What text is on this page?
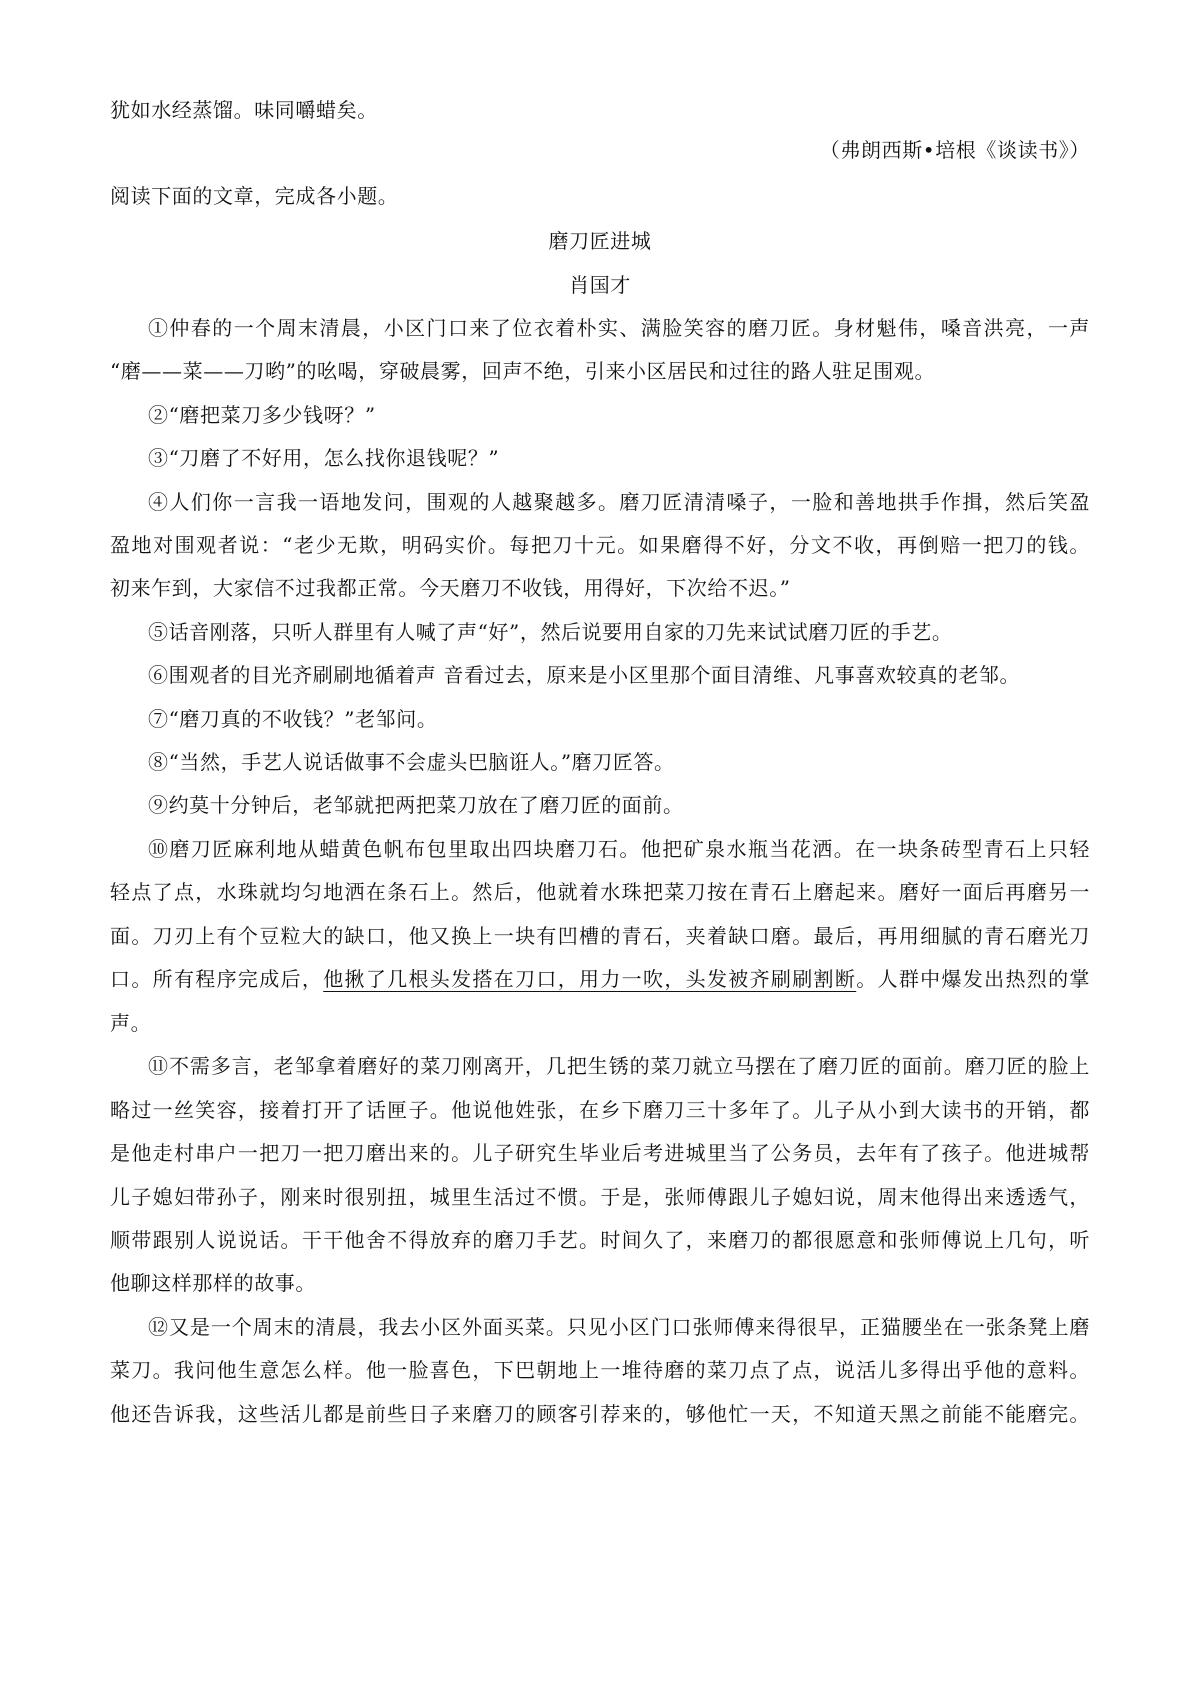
犹如水经蒸馏。味同嚼蜡矣。
（弗朗西斯•培根《谈读书》）
阅读下面的文章，完成各小题。
磨刀匠进城
肖国才
①仲春的一个周末清晨，小区门口来了位衣着朴实、满脸笑容的磨刀匠。身材魁伟，嗓音洪亮，一声
“磨——菜——刀哟”的吆喝，穿破晨雾，回声不绝，引来小区居民和过往的路人驻足围观。
②“磨把菜刀多少钱呀？”
③“刀磨了不好用，怎么找你退钱呢？”
④人们你一言我一语地发问，围观的人越聚越多。磨刀匠清清嗓子，一脸和善地拱手作揖，然后笑盈
盈地对围观者说：“老少无欺，明码实价。每把刀十元。如果磨得不好，分文不收，再倒赔一把刀的钱。
初来乍到，大家信不过我都正常。今天磨刀不收钱，用得好，下次给不迟。”
⑤话音刚落，只听人群里有人喊了声“好”，然后说要用自家的刀先来试试磨刀匠的手艺。
⑥围观者的目光齐刷刷地循着声 音看过去，原来是小区里那个面目清维、凡事喜欢较真的老邹。
⑦“磨刀真的不收钱？”老邹问。
⑧“当然，手艺人说话做事不会虚头巴脑诳人。”磨刀匠答。
⑨约莫十分钟后，老邹就把两把菜刀放在了磨刀匠的面前。
⑩磨刀匠麻利地从蜡黄色帆布包里取出四块磨刀石。他把矿泉水瓶当花洒。在一块条砖型青石上只轻
轻点了点，水珠就均匀地洒在条石上。然后，他就着水珠把菜刀按在青石上磨起来。磨好一面后再磨另一
面。刀刃上有个豆粒大的缺口，他又换上一块有凹槽的青石，夹着缺口磨。最后，再用细腻的青石磨光刀
口。所有程序完成后，他揪了几根头发搭在刀口，用力一吹，头发被齐刷刷割断。人群中爆发出热烈的掌
声。
⑪不需多言，老邹拿着磨好的菜刀刚离开，几把生锈的菜刀就立马摆在了磨刀匠的面前。磨刀匠的脸上
略过一丝笑容，接着打开了话匣子。他说他姓张，在乡下磨刀三十多年了。儿子从小到大读书的开销，都
是他走村串户一把刀一把刀磨出来的。儿子研究生毕业后考进城里当了公务员，去年有了孩子。他进城帮
儿子媳妇带孙子，刚来时很别扭，城里生活过不惯。于是，张师傅跟儿子媳妇说，周末他得出来透透气，
顺带跟别人说说话。干干他舍不得放弃的磨刀手艺。时间久了，来磨刀的都很愿意和张师傅说上几句，听
他聊这样那样的故事。
⑫又是一个周末的清晨，我去小区外面买菜。只见小区门口张师傅来得很早，正猫腰坐在一张条凳上磨
菜刀。我问他生意怎么样。他一脸喜色，下巴朝地上一堆待磨的菜刀点了点，说活儿多得出乎他的意料。
他还告诉我，这些活儿都是前些日子来磨刀的顾客引荐来的，够他忙一天，不知道天黑之前能不能磨完。
